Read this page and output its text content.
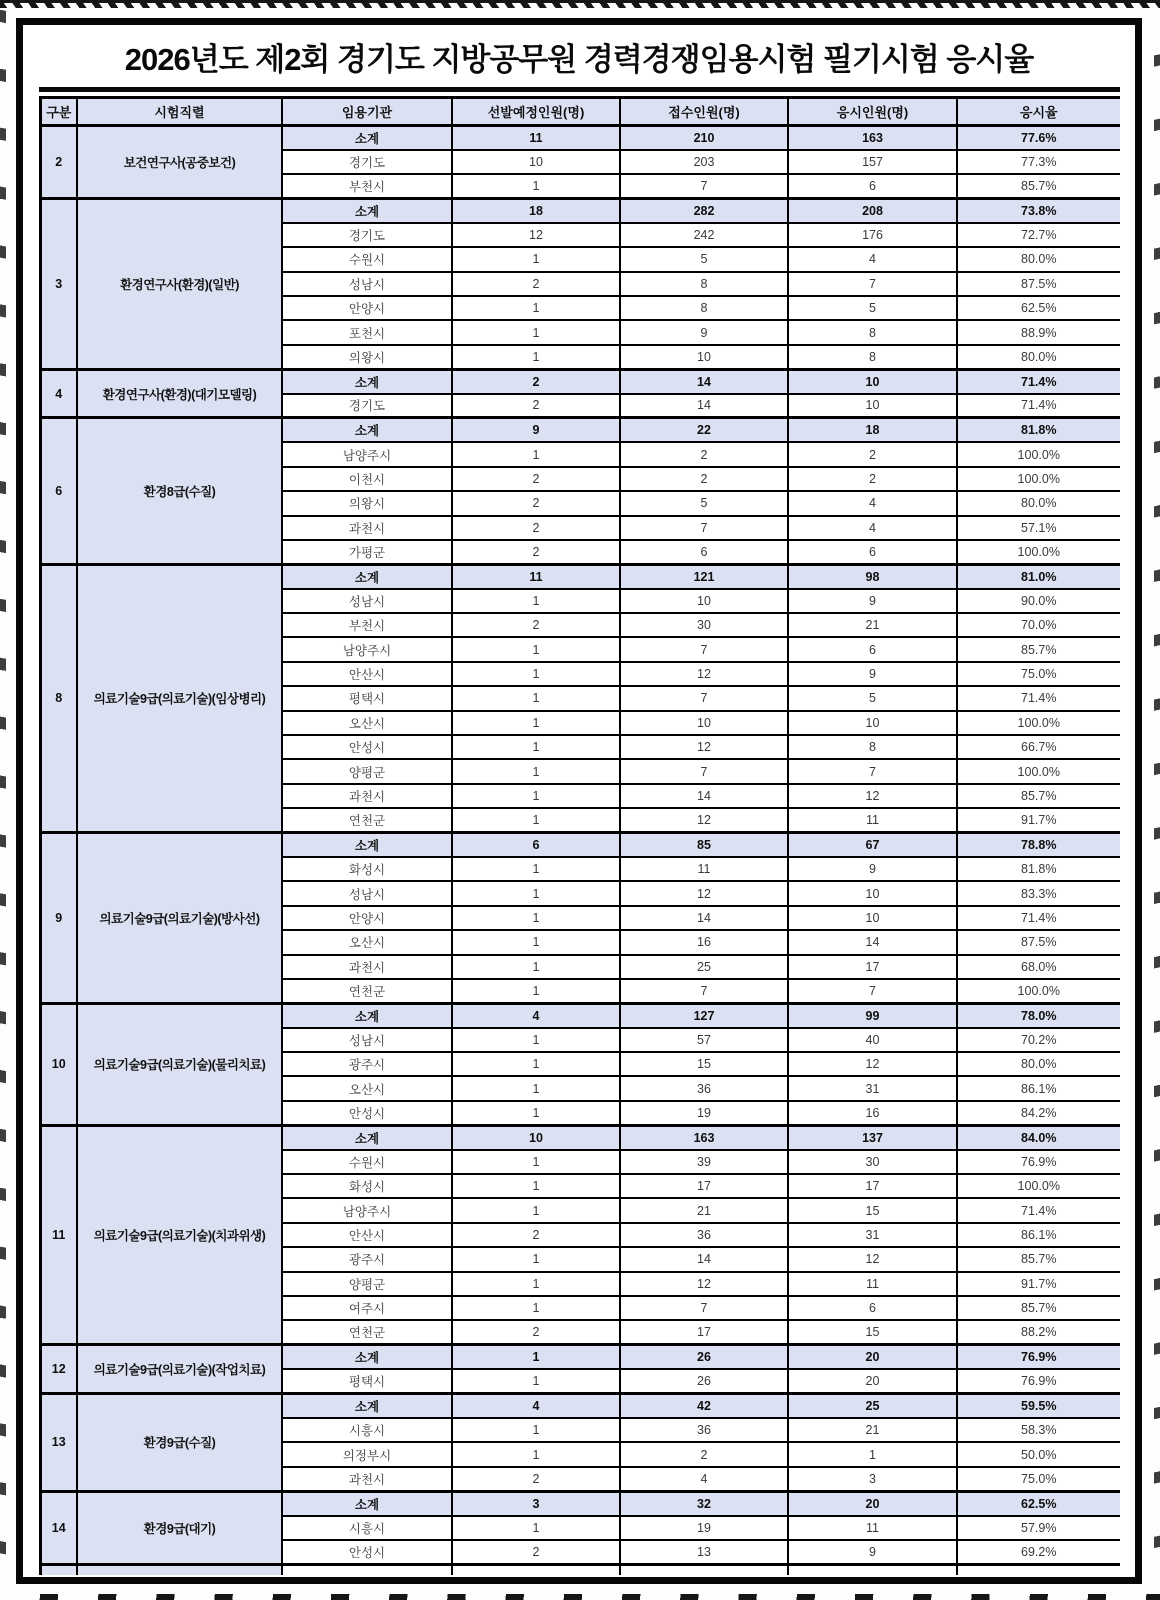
2026년도 제2회 경기도 지방공무원 경력경쟁임용시험 필기시험 응시율
구분	시험직렬	임용기관	선발예정인원(명)	접수인원(명)	응시인원(명)	응시율
2	보건연구사(공중보건)	소계	11	210	163	77.6%
		경기도	10	203	157	77.3%
		부천시	1	7	6	85.7%
3	환경연구사(환경)(일반)	소계	18	282	208	73.8%
		경기도	12	242	176	72.7%
		수원시	1	5	4	80.0%
		성남시	2	8	7	87.5%
		안양시	1	8	5	62.5%
		포천시	1	9	8	88.9%
		의왕시	1	10	8	80.0%
4	환경연구사(환경)(대기모델링)	소계	2	14	10	71.4%
		경기도	2	14	10	71.4%
6	환경8급(수질)	소계	9	22	18	81.8%
		남양주시	1	2	2	100.0%
		이천시	2	2	2	100.0%
		의왕시	2	5	4	80.0%
		과천시	2	7	4	57.1%
		가평군	2	6	6	100.0%
8	의료기술9급(의료기술)(임상병리)	소계	11	121	98	81.0%
		성남시	1	10	9	90.0%
		부천시	2	30	21	70.0%
		남양주시	1	7	6	85.7%
		안산시	1	12	9	75.0%
		평택시	1	7	5	71.4%
		오산시	1	10	10	100.0%
		안성시	1	12	8	66.7%
		양평군	1	7	7	100.0%
		과천시	1	14	12	85.7%
		연천군	1	12	11	91.7%
9	의료기술9급(의료기술)(방사선)	소계	6	85	67	78.8%
		화성시	1	11	9	81.8%
		성남시	1	12	10	83.3%
		안양시	1	14	10	71.4%
		오산시	1	16	14	87.5%
		과천시	1	25	17	68.0%
		연천군	1	7	7	100.0%
10	의료기술9급(의료기술)(물리치료)	소계	4	127	99	78.0%
		성남시	1	57	40	70.2%
		광주시	1	15	12	80.0%
		오산시	1	36	31	86.1%
		안성시	1	19	16	84.2%
11	의료기술9급(의료기술)(치과위생)	소계	10	163	137	84.0%
		수원시	1	39	30	76.9%
		화성시	1	17	17	100.0%
		남양주시	1	21	15	71.4%
		안산시	2	36	31	86.1%
		광주시	1	14	12	85.7%
		양평군	1	12	11	91.7%
		여주시	1	7	6	85.7%
		연천군	2	17	15	88.2%
12	의료기술9급(의료기술)(작업치료)	소계	1	26	20	76.9%
		평택시	1	26	20	76.9%
13	환경9급(수질)	소계	4	42	25	59.5%
		시흥시	1	36	21	58.3%
		의정부시	1	2	1	50.0%
		과천시	2	4	3	75.0%
14	환경9급(대기)	소계	3	32	20	62.5%
		시흥시	1	19	11	57.9%
		안성시	2	13	9	69.2%
